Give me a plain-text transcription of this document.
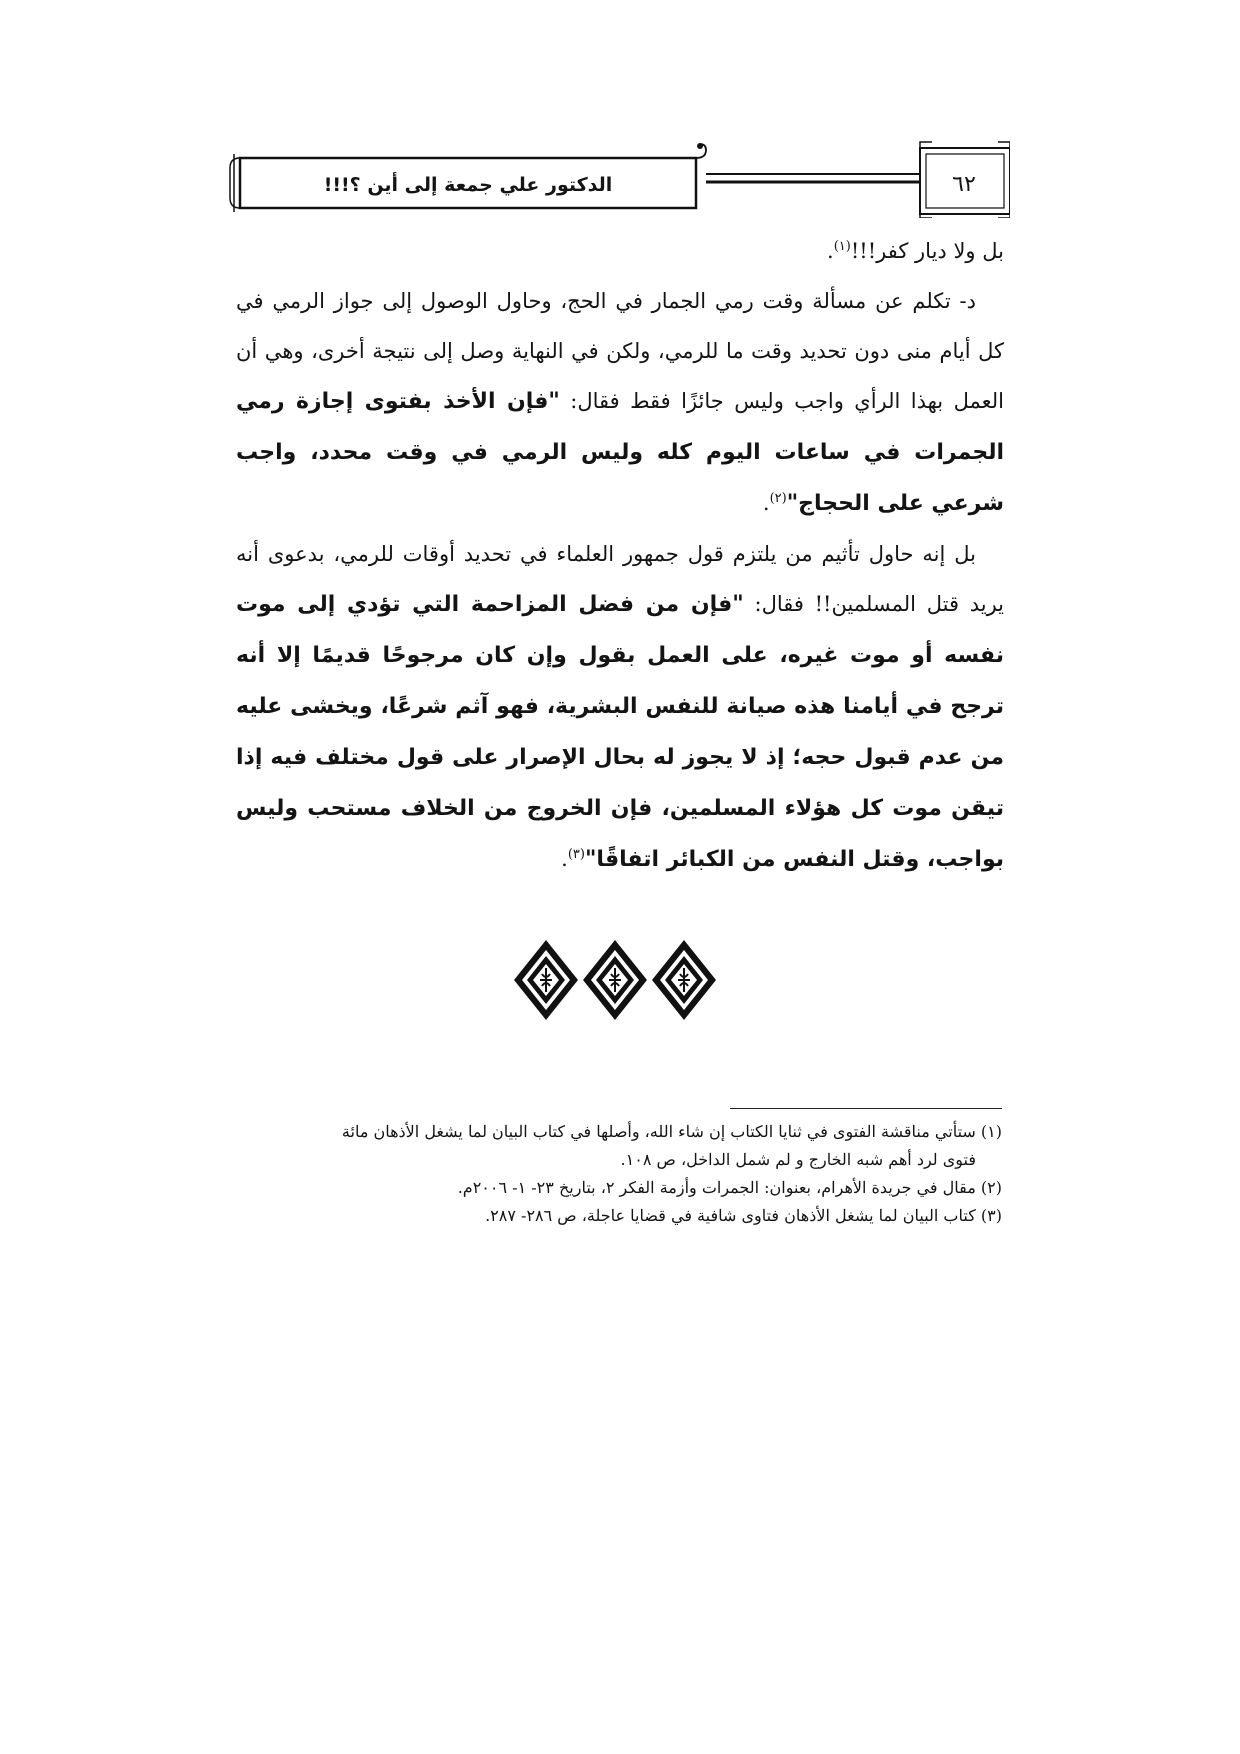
الدكتور علي جمعة إلى أين ؟!!!	٦٢

بل ولا ديار كفر!!!$^{(١)}$.

د- تكلم عن مسألة وقت رمي الجمار في الحج، وحاول الوصول إلى جواز الرمي في كل أيام منى دون تحديد وقت ما للرمي، ولكن في النهاية وصل إلى نتيجة أخرى، وهي أن العمل بهذا الرأي واجب وليس جائزًا فقط فقال: "فإن الأخذ بفتوى إجازة رمي الجمرات في ساعات اليوم كله وليس الرمي في وقت محدد، واجب شرعي على الحجاج"$^{(٢)}$.

بل إنه حاول تأثيم من يلتزم قول جمهور العلماء في تحديد أوقات للرمي، بدعوى أنه يريد قتل المسلمين!! فقال: "فإن من فضل المزاحمة التي تؤدي إلى موت نفسه أو موت غيره، على العمل بقول وإن كان مرجوحًا قديمًا إلا أنه ترجح في أيامنا هذه صيانة للنفس البشرية، فهو آثم شرعًا، ويخشى عليه من عدم قبول حجه؛ إذ لا يجوز له بحال الإصرار على قول مختلف فيه إذا تيقن موت كل هؤلاء المسلمين، فإن الخروج من الخلاف مستحب وليس بواجب، وقتل النفس من الكبائر اتفاقًا"$^{(٣)}$.

(١) ستأتي مناقشة الفتوى في ثنايا الكتاب إن شاء الله، وأصلها في كتاب البيان لما يشغل الأذهان مائة
فتوى لرد أهم شبه الخارج و لم شمل الداخل، ص ١٠٨.

(٢) مقال في جريدة الأهرام، بعنوان: الجمرات وأزمة الفكر ٢، بتاريخ ٢٣- ١- ٢٠٠٦م.

(٣) كتاب البيان لما يشغل الأذهان فتاوى شافية في قضايا عاجلة، ص ٢٨٦- ٢٨٧.
